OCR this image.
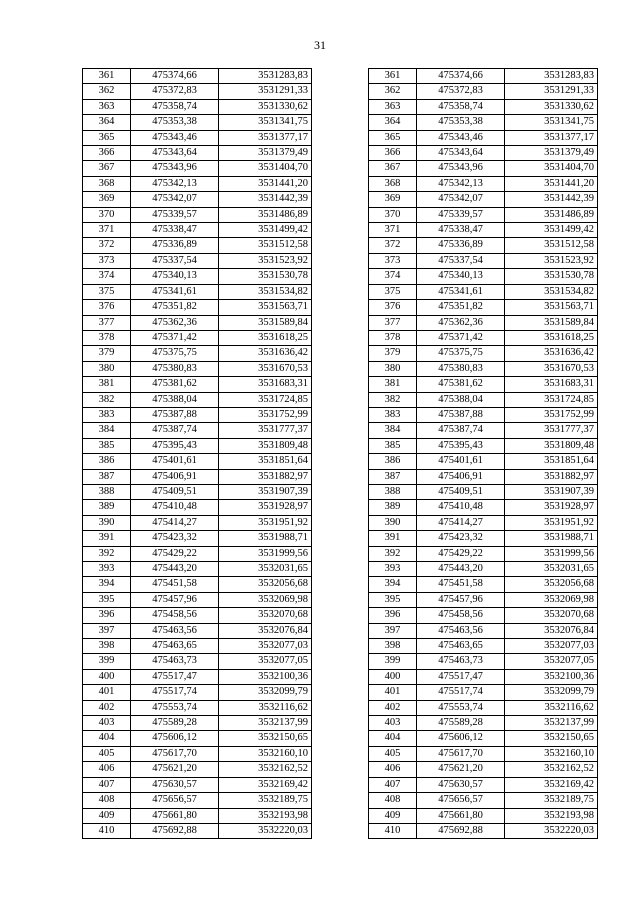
31
361	475374,66	3531283,83		361	475374,66	3531283,83
362	475372,83	3531291,33		362	475372,83	3531291,33
363	475358,74	3531330,62		363	475358,74	3531330,62
364	475353,38	3531341,75		364	475353,38	3531341,75
365	475343,46	3531377,17		365	475343,46	3531377,17
366	475343,64	3531379,49		366	475343,64	3531379,49
367	475343,96	3531404,70		367	475343,96	3531404,70
368	475342,13	3531441,20		368	475342,13	3531441,20
369	475342,07	3531442,39		369	475342,07	3531442,39
370	475339,57	3531486,89		370	475339,57	3531486,89
371	475338,47	3531499,42		371	475338,47	3531499,42
372	475336,89	3531512,58		372	475336,89	3531512,58
373	475337,54	3531523,92		373	475337,54	3531523,92
374	475340,13	3531530,78		374	475340,13	3531530,78
375	475341,61	3531534,82		375	475341,61	3531534,82
376	475351,82	3531563,71		376	475351,82	3531563,71
377	475362,36	3531589,84		377	475362,36	3531589,84
378	475371,42	3531618,25		378	475371,42	3531618,25
379	475375,75	3531636,42		379	475375,75	3531636,42
380	475380,83	3531670,53		380	475380,83	3531670,53
381	475381,62	3531683,31		381	475381,62	3531683,31
382	475388,04	3531724,85		382	475388,04	3531724,85
383	475387,88	3531752,99		383	475387,88	3531752,99
384	475387,74	3531777,37		384	475387,74	3531777,37
385	475395,43	3531809,48		385	475395,43	3531809,48
386	475401,61	3531851,64		386	475401,61	3531851,64
387	475406,91	3531882,97		387	475406,91	3531882,97
388	475409,51	3531907,39		388	475409,51	3531907,39
389	475410,48	3531928,97		389	475410,48	3531928,97
390	475414,27	3531951,92		390	475414,27	3531951,92
391	475423,32	3531988,71		391	475423,32	3531988,71
392	475429,22	3531999,56		392	475429,22	3531999,56
393	475443,20	3532031,65		393	475443,20	3532031,65
394	475451,58	3532056,68		394	475451,58	3532056,68
395	475457,96	3532069,98		395	475457,96	3532069,98
396	475458,56	3532070,68		396	475458,56	3532070,68
397	475463,56	3532076,84		397	475463,56	3532076,84
398	475463,65	3532077,03		398	475463,65	3532077,03
399	475463,73	3532077,05		399	475463,73	3532077,05
400	475517,47	3532100,36		400	475517,47	3532100,36
401	475517,74	3532099,79		401	475517,74	3532099,79
402	475553,74	3532116,62		402	475553,74	3532116,62
403	475589,28	3532137,99		403	475589,28	3532137,99
404	475606,12	3532150,65		404	475606,12	3532150,65
405	475617,70	3532160,10		405	475617,70	3532160,10
406	475621,20	3532162,52		406	475621,20	3532162,52
407	475630,57	3532169,42		407	475630,57	3532169,42
408	475656,57	3532189,75		408	475656,57	3532189,75
409	475661,80	3532193,98		409	475661,80	3532193,98
410	475692,88	3532220,03		410	475692,88	3532220,03
